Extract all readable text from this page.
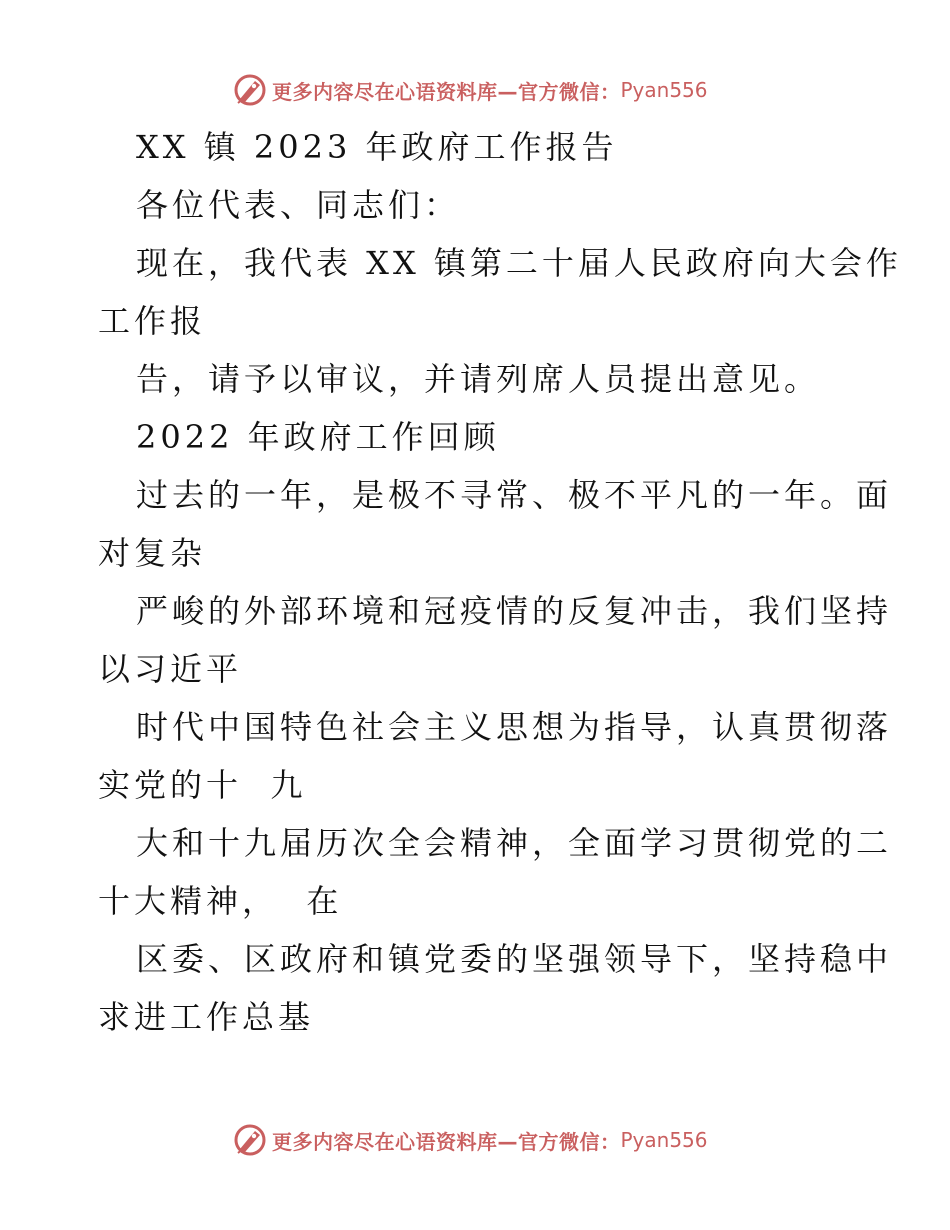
更多内容尽在心语资料库—官方微信： Pyan556
XX 镇 2023 年政府工作报告
各位代表、同志们：
现在，我代表 XX 镇第二十届人民政府向大会作
工作报
告，请予以审议，并请列席人员提出意见。
2022 年政府工作回顾
过去的一年，是极不寻常、极不平凡的一年。面
对复杂
严峻的外部环境和冠疫情的反复冲击，我们坚持
以习近平
时代中国特色社会主义思想为指导，认真贯彻落
实党的十  九
大和十九届历次全会精神，全面学习贯彻党的二
十大精神，  在
区委、区政府和镇党委的坚强领导下，坚持稳中
求进工作总基
更多内容尽在心语资料库—官方微信： Pyan556
